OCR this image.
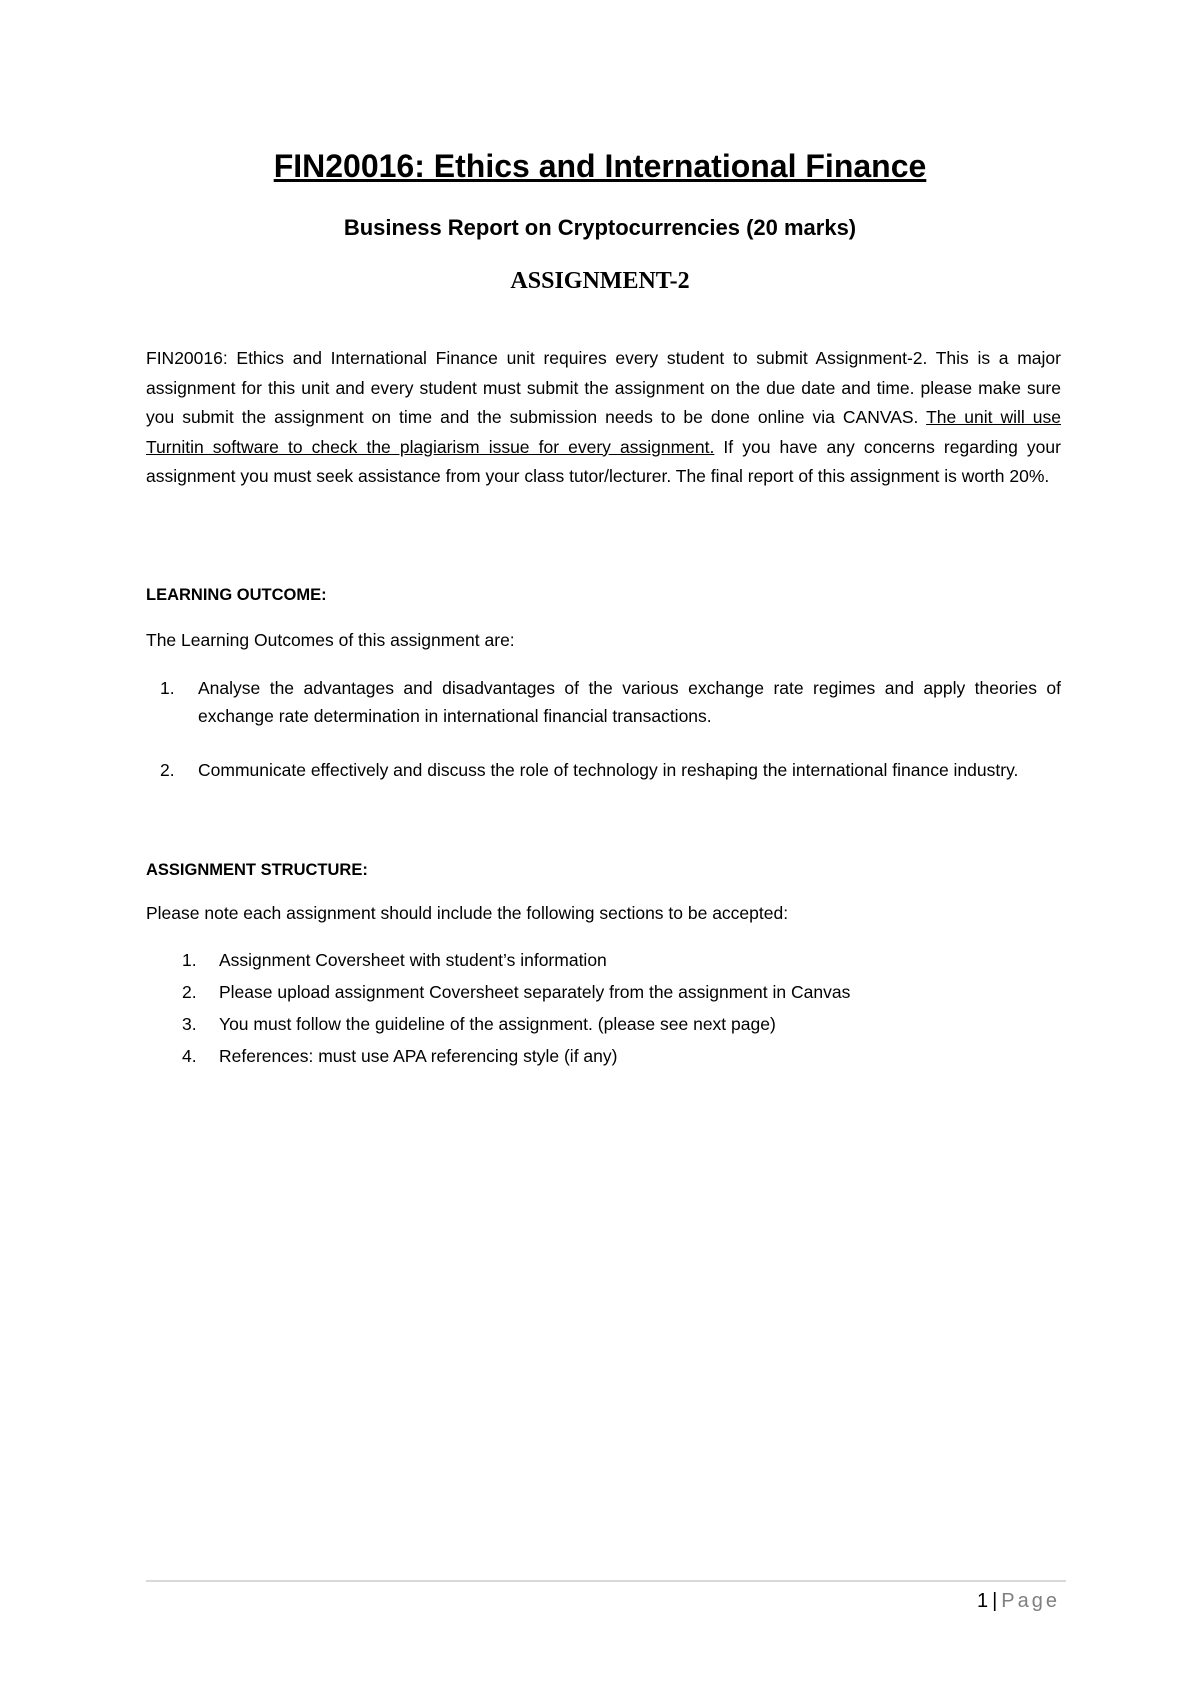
FIN20016: Ethics and International Finance
Business Report on Cryptocurrencies (20 marks)
ASSIGNMENT-2
FIN20016: Ethics and International Finance unit requires every student to submit Assignment-2. This is a major assignment for this unit and every student must submit the assignment on the due date and time. please make sure you submit the assignment on time and the submission needs to be done online via CANVAS. The unit will use Turnitin software to check the plagiarism issue for every assignment. If you have any concerns regarding your assignment you must seek assistance from your class tutor/lecturer. The final report of this assignment is worth 20%.
LEARNING OUTCOME:
The Learning Outcomes of this assignment are:
1.	Analyse the advantages and disadvantages of the various exchange rate regimes and apply theories of exchange rate determination in international financial transactions.
2.	Communicate effectively and discuss the role of technology in reshaping the international finance industry.
ASSIGNMENT STRUCTURE:
Please note each assignment should include the following sections to be accepted:
1.	Assignment Coversheet with student’s information
2.	Please upload assignment Coversheet separately from the assignment in Canvas
3.	You must follow the guideline of the assignment. (please see next page)
4.	References: must use APA referencing style (if any)
1 | Page
